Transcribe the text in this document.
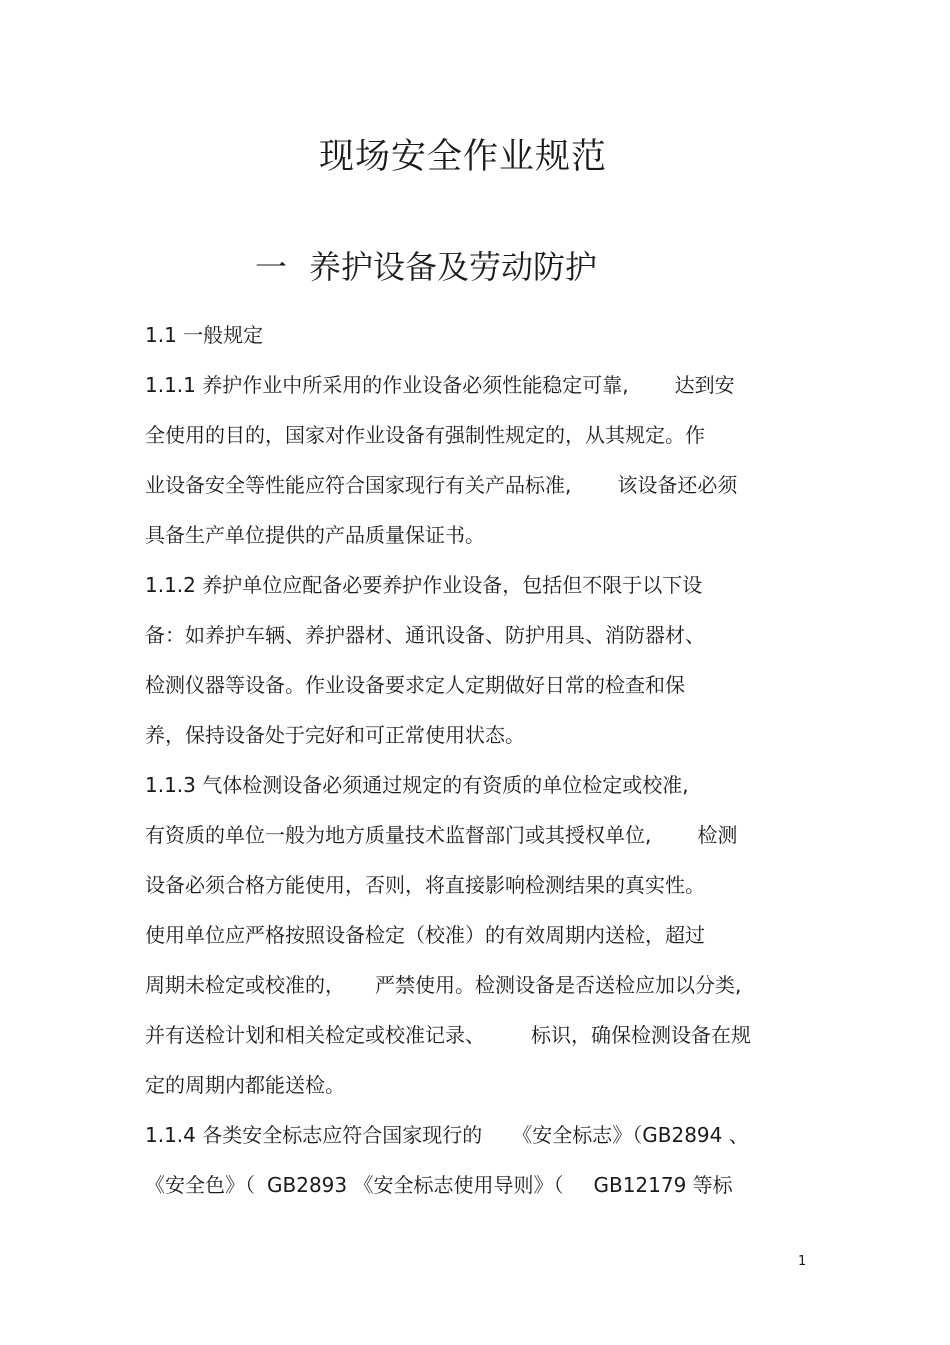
现场安全作业规范
一 养护设备及劳动防护
1.1 一般规定
1.1.1 养护作业中所采用的作业设备必须性能稳定可靠, 达到安
全使用的目的，国家对作业设备有强制性规定的，从其规定。作
业设备安全等性能应符合国家现行有关产品标准, 该设备还必须
具备生产单位提供的产品质量保证书。
1.1.2 养护单位应配备必要养护作业设备，包括但不限于以下设
备：如养护车辆、养护器材、通讯设备、防护用具、消防器材、
检测仪器等设备。作业设备要求定人定期做好日常的检查和保
养，保持设备处于完好和可正常使用状态。
1.1.3 气体检测设备必须通过规定的有资质的单位检定或校准,
有资质的单位一般为地方质量技术监督部门或其授权单位, 检测
设备必须合格方能使用，否则，将直接影响检测结果的真实性。
使用单位应严格按照设备检定（校准）的有效周期内送检，超过
周期未检定或校准的， 严禁使用。检测设备是否送检应加以分类,
并有送检计划和相关检定或校准记录、 标识，确保检测设备在规
定的周期内都能送检。
1.1.4 各类安全标志应符合国家现行的 《安全标志》（GB2894 、
《安全色》（ GB2893 《安全标志使用导则》（ GB12179 等标
1
